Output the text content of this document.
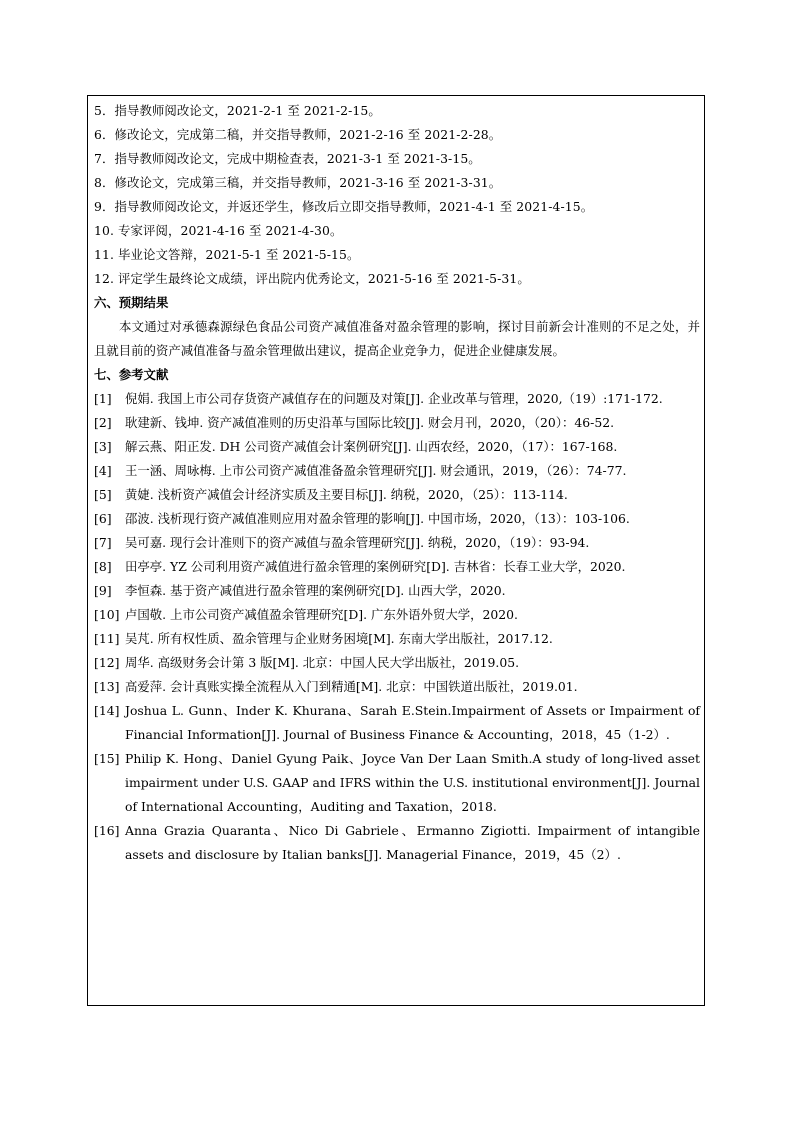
5．指导教师阅改论文，2021-2-1 至 2021-2-15。
6．修改论文，完成第二稿，并交指导教师，2021-2-16 至 2021-2-28。
7．指导教师阅改论文，完成中期检查表，2021-3-1 至 2021-3-15。
8．修改论文，完成第三稿，并交指导教师，2021-3-16 至 2021-3-31。
9．指导教师阅改论文，并返还学生，修改后立即交指导教师，2021-4-1 至 2021-4-15。
10. 专家评阅，2021-4-16 至 2021-4-30。
11. 毕业论文答辩，2021-5-1 至 2021-5-15。
12. 评定学生最终论文成绩，评出院内优秀论文，2021-5-16 至 2021-5-31。
六、预期结果
本文通过对承德森源绿色食品公司资产减值准备对盈余管理的影响，探讨目前新会计准则的不足之处，并且就目前的资产减值准备与盈余管理做出建议，提高企业竞争力，促进企业健康发展。
七、参考文献
[1]	倪娟. 我国上市公司存货资产减值存在的问题及对策[J]. 企业改革与管理，2020,（19）:171-172.
[2]	耿建新、钱坤. 资产减值准则的历史沿革与国际比较[J]. 财会月刊，2020，（20）：46-52.
[3]	解云燕、阳正发. DH 公司资产减值会计案例研究[J]. 山西农经，2020，（17）：167-168.
[4]	王一涵、周咏梅. 上市公司资产减值准备盈余管理研究[J]. 财会通讯，2019，（26）：74-77.
[5]	黄婕. 浅析资产减值会计经济实质及主要目标[J]. 纳税，2020，（25）：113-114.
[6]	邵波. 浅析现行资产减值准则应用对盈余管理的影响[J]. 中国市场，2020，（13）：103-106.
[7]	吴可嘉. 现行会计准则下的资产减值与盈余管理研究[J]. 纳税，2020，（19）：93-94.
[8]	田亭亭. YZ 公司利用资产减值进行盈余管理的案例研究[D]. 吉林省：长春工业大学，2020.
[9]	李恒森. 基于资产减值进行盈余管理的案例研究[D]. 山西大学，2020.
[10] 卢国敬. 上市公司资产减值盈余管理研究[D]. 广东外语外贸大学，2020.
[11] 吴芃. 所有权性质、盈余管理与企业财务困境[M]. 东南大学出版社，2017.12.
[12] 周华. 高级财务会计第 3 版[M]. 北京：中国人民大学出版社，2019.05.
[13] 高爱萍. 会计真账实操全流程从入门到精通[M]. 北京：中国铁道出版社，2019.01.
[14] Joshua L. Gunn、Inder K. Khurana、Sarah E.Stein.Impairment of Assets or Impairment of Financial Information[J]. Journal of Business Finance & Accounting，2018，45（1-2）.
[15] Philip K. Hong、Daniel Gyung Paik、Joyce Van Der Laan Smith.A study of long-lived asset impairment under U.S. GAAP and IFRS within the U.S. institutional environment[J]. Journal of International Accounting，Auditing and Taxation，2018.
[16] Anna Grazia Quaranta、Nico Di Gabriele、Ermanno Zigiotti. Impairment of intangible assets and disclosure by Italian banks[J]. Managerial Finance，2019，45（2）.
